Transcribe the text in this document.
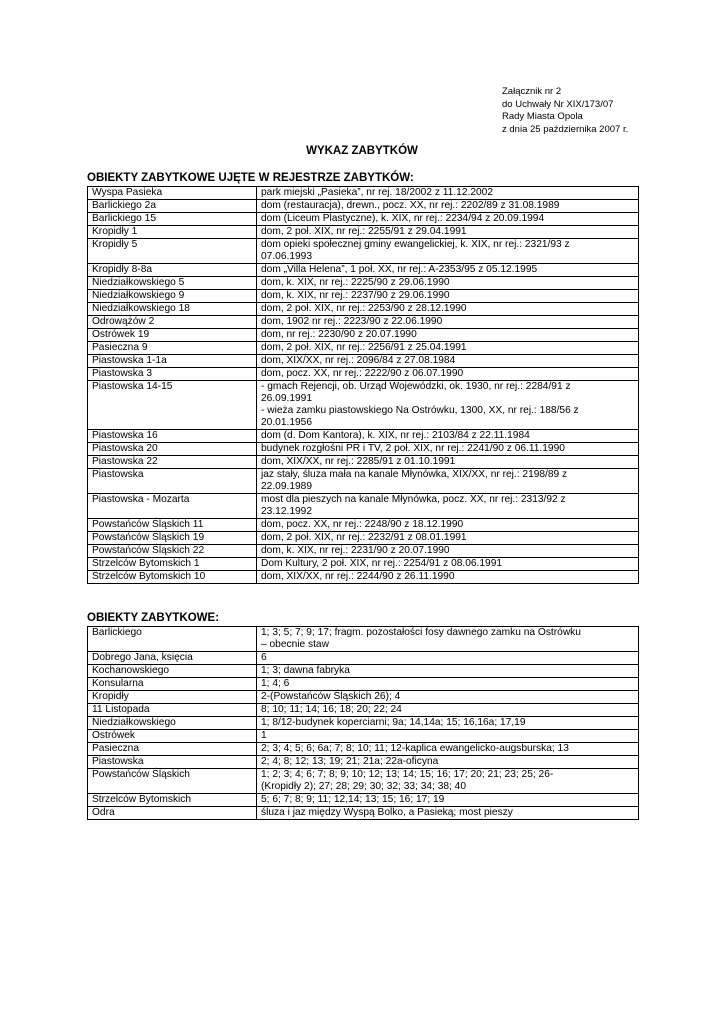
Załącznik nr 2
do Uchwały Nr XIX/173/07
Rady Miasta Opola
z dnia 25 października 2007 r.
WYKAZ ZABYTKÓW
OBIEKTY ZABYTKOWE UJĘTE W REJESTRZE ZABYTKÓW:
Wyspa Pasieka	park miejski „Pasieka”, nr rej. 18/2002 z 11.12.2002

Barlickiego 2a	dom (restauracja), drewn., pocz. XX, nr rej.: 2202/89 z 31.08.1989

Barlickiego 15	dom (Liceum Plastyczne), k. XIX, nr rej.: 2234/94 z 20.09.1994

Kropidły 1	dom, 2 poł. XIX, nr rej.: 2255/91 z 29.04.1991

Kropidły 5	dom opieki społecznej gminy ewangelickiej, k. XIX, nr rej.: 2321/93 z
07.06.1993

Kropidły 8-8a	dom „Villa Helena”, 1 poł. XX, nr rej.: A-2353/95 z 05.12.1995

Niedziałkowskiego 5	dom, k. XIX, nr rej.: 2225/90 z 29.06.1990

Niedziałkowskiego 9	dom, k. XIX, nr rej.: 2237/90 z 29.06.1990

Niedziałkowskiego 18	dom, 2 poł. XIX, nr rej.: 2253/90 z 28.12.1990

Odrowążów 2	dom, 1902 nr rej.: 2223/90 z 22.06.1990

Ostrówek 19	dom, nr rej.: 2230/90 z 20.07.1990

Pasieczna 9	dom, 2 poł. XIX, nr rej.: 2256/91 z 25.04.1991

Piastowska 1-1a	dom, XIX/XX, nr rej.: 2096/84 z 27.08.1984

Piastowska 3	dom, pocz. XX, nr rej.: 2222/90 z 06.07.1990

Piastowska 14-15	- gmach Rejencji, ob. Urząd Wojewódzki, ok. 1930, nr rej.: 2284/91 z
26.09.1991
- wieża zamku piastowskiego Na Ostrówku, 1300, XX, nr rej.: 188/56 z
20.01.1956

Piastowska 16	dom (d. Dom Kantora), k. XIX, nr rej.: 2103/84 z 22.11.1984

Piastowska 20	budynek rozgłośni PR i TV, 2 poł. XIX, nr rej.: 2241/90 z 06.11.1990

Piastowska 22	dom, XIX/XX, nr rej.: 2285/91 z 01.10.1991

Piastowska	jaz stały, śluza mała na kanale Młynówka, XIX/XX, nr rej.: 2198/89 z
22.09.1989

Piastowska - Mozarta	most dla pieszych na kanale Młynówka, pocz. XX, nr rej.: 2313/92 z
23.12.1992

Powstańców Śląskich 11	dom, pocz. XX, nr rej.: 2248/90 z 18.12.1990

Powstańców Śląskich 19	dom, 2 poł. XIX, nr rej.: 2232/91 z 08.01.1991

Powstańców Śląskich 22	dom, k. XIX, nr rej.: 2231/90 z 20.07.1990

Strzelców Bytomskich 1	Dom Kultury, 2 poł. XIX, nr rej.: 2254/91 z 08.06.1991

Strzelców Bytomskich 10	dom, XIX/XX, nr rej.: 2244/90 z 26.11.1990
OBIEKTY ZABYTKOWE:
Barlickiego	1; 3; 5; 7; 9; 17; fragm. pozostałości fosy dawnego zamku na Ostrówku
– obecnie staw

Dobrego Jana, księcia	6

Kochanowskiego	1; 3; dawna fabryka

Konsularna	1; 4; 6

Kropidły	2-(Powstańców Śląskich 26); 4

11 Listopada	8; 10; 11; 14; 16; 18; 20; 22; 24

Niedziałkowskiego	1; 8/12-budynek koperciarni; 9a; 14,14a; 15; 16,16a; 17,19

Ostrówek	1

Pasieczna	2; 3; 4; 5; 6; 6a; 7; 8; 10; 11; 12-kaplica ewangelicko-augsburska; 13

Piastowska	2; 4; 8; 12; 13; 19; 21; 21a; 22a-oficyna

Powstańców Śląskich	1; 2; 3; 4; 6; 7; 8; 9; 10; 12; 13; 14; 15; 16; 17; 20; 21; 23; 25; 26-
(Kropidły 2); 27; 28; 29; 30; 32; 33; 34; 38; 40

Strzelców Bytomskich	5; 6; 7; 8; 9; 11; 12,14; 13; 15; 16; 17; 19

Odra	śluza i jaz między Wyspą Bolko, a Pasieką; most pieszy
